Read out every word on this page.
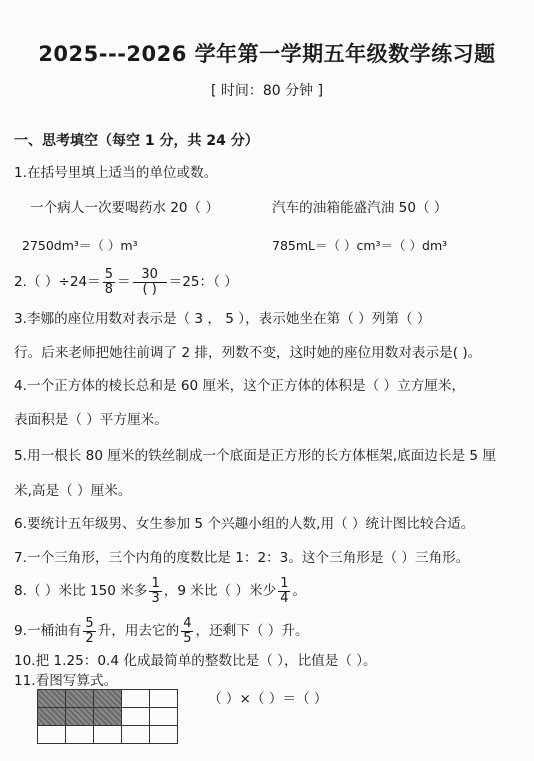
2025---2026 学年第一学期五年级数学练习题
[ 时间：80 分钟 ]
一、思考填空（每空 1 分，共 24 分）
1.在括号里填上适当的单位或数。
一个病人一次要喝药水 20（ ）	汽车的油箱能盛汽油 50（ ）
2750dm³＝（ ）m³	785mL＝（ ）cm³＝（ ）dm³
2.（ ）$\div 24= \frac{5}{8} = \frac{30}{( )} =25$：（ ）
3.李娜的座位用数对表示是（ 3 ， 5 ），表示她坐在第（ ）列第（ ）
行。后来老师把她往前调了 2 排，列数不变，这时她的座位用数对表示是( )。
4.一个正方体的棱长总和是 60 厘米，这个正方体的体积是（ ）立方厘米，
表面积是（ ）平方厘米。
5.用一根长 80 厘米的铁丝制成一个底面是正方形的长方体框架,底面边长是 5 厘
米,高是（ ）厘米。
6.要统计五年级男、女生参加 5 个兴趣小组的人数,用（ ）统计图比较合适。
7.一个三角形，三个内角的度数比是 1：2：3。这个三角形是（ ）三角形。
8.（ ）米比 150 米多 $\frac{1}{3}$ ，9 米比（ ）米少 $\frac{1}{4}$ 。
9.一桶油有 $\frac{5}{2}$ 升，用去它的 $\frac{4}{5}$ ，还剩下（ ）升。
10.把 1.25：0.4 化成最简单的整数比是（ ），比值是（ ）。
11.看图写算式。
（ ）×（ ）＝（ ）
